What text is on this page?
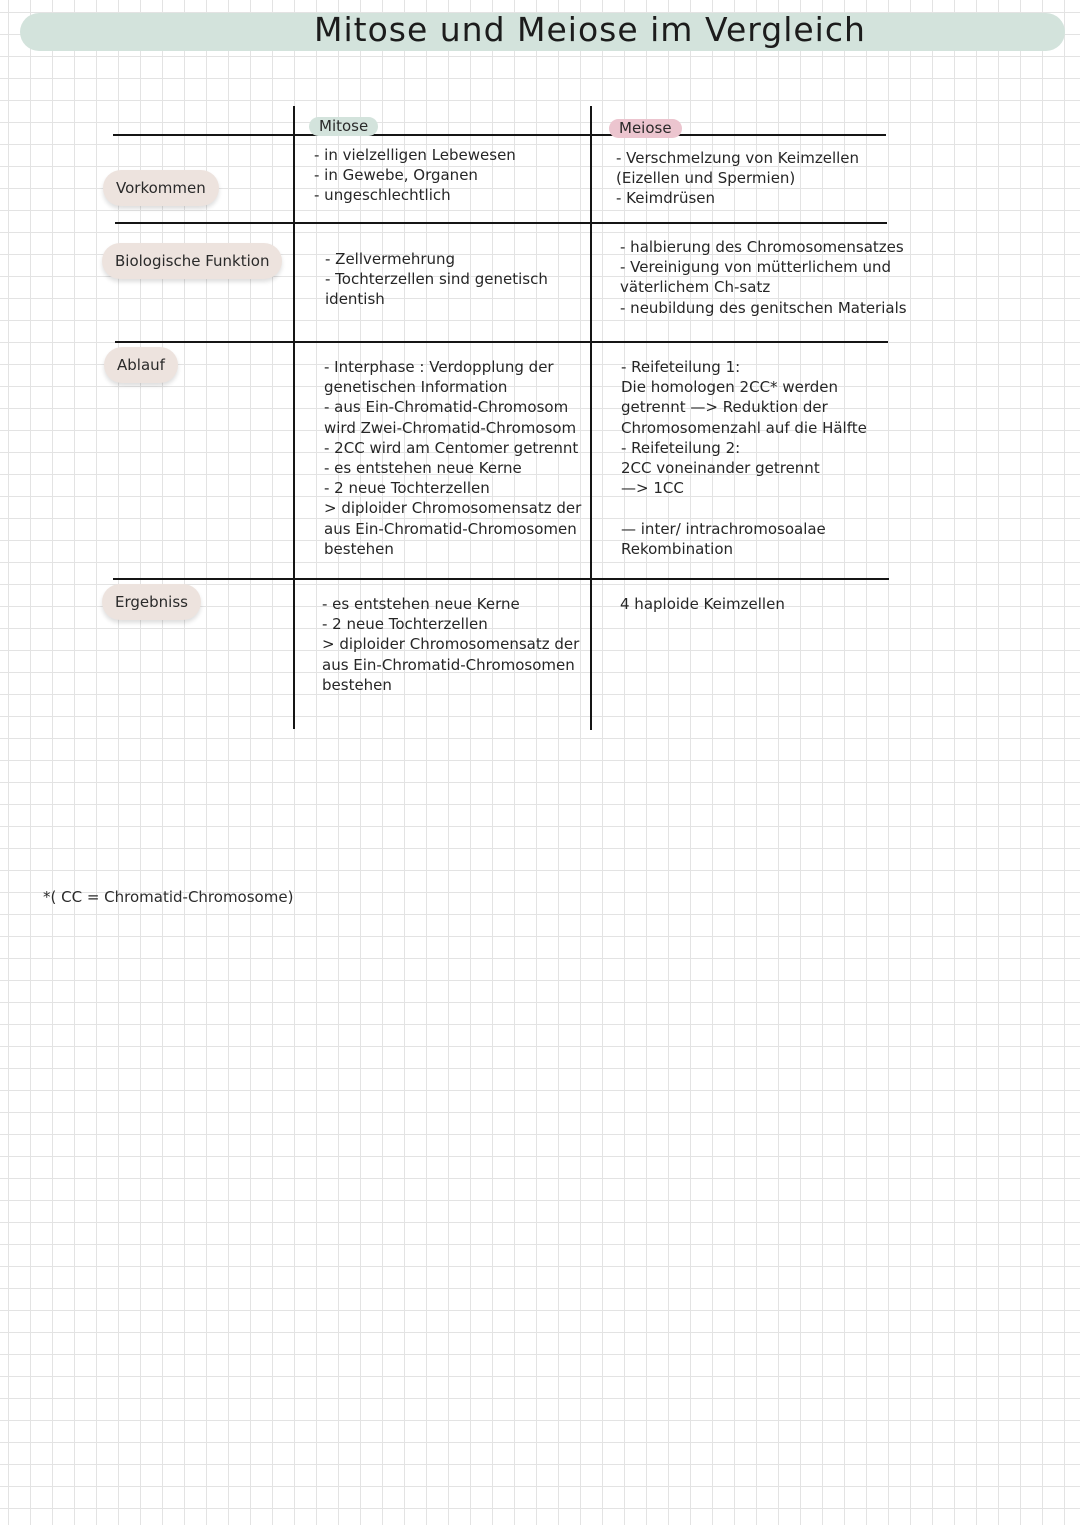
Mitose und Meiose im Vergleich
Mitose	Meiose
Vorkommen
Biologische Funktion
Ablauf
Ergebniss
- in vielzelligen Lebewesen
- in Gewebe, Organen
- ungeschlechtlich
- Verschmelzung von Keimzellen
(Eizellen und Spermien)
- Keimdrüsen
- Zellvermehrung
- Tochterzellen sind genetisch
identish
- halbierung des Chromosomensatzes
- Vereinigung von mütterlichem und
väterlichem Ch-satz
- neubildung des genitschen Materials
- Interphase : Verdopplung der
genetischen Information
- aus Ein-Chromatid-Chromosom
wird Zwei-Chromatid-Chromosom
- 2CC wird am Centomer getrennt
- es entstehen neue Kerne
- 2 neue Tochterzellen
> diploider Chromosomensatz der
aus Ein-Chromatid-Chromosomen
bestehen
- Reifeteilung 1:
Die homologen 2CC* werden
getrennt —> Reduktion der
Chromosomenzahl auf die Hälfte
- Reifeteilung 2:
2CC voneinander getrennt
—> 1CC
— inter/ intrachromosoalae
Rekombination
- es entstehen neue Kerne
- 2 neue Tochterzellen
> diploider Chromosomensatz der
aus Ein-Chromatid-Chromosomen
bestehen
4 haploide Keimzellen
*( CC = Chromatid-Chromosome)
